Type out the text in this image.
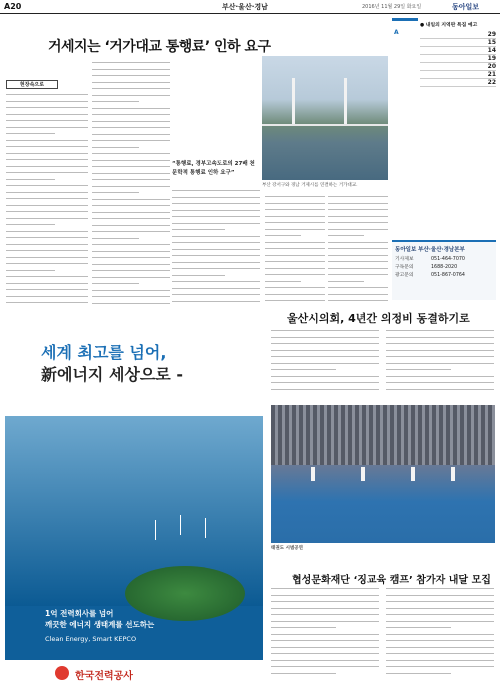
A20	부산·울산·경남	2016년 11월 29일 화요일	동아일보
거세지는 ‘거가대교 통행료’ 인하 요구
현장속으로
부산 강서구와 경남 거제시를 연결하는 거가대교.
“통행료, 경부고속도로의 27배 천문학적 통행료 인하 요구”
A
● 내일의 지역판 특집 예고
29
15
14
19
20
21
22
동아일보 부산·울산·경남본부
기사제보	051-464-7070
구독문의	1688-2020
광고문의	051-867-0764
세계 최고를 넘어,
新에너지 세상으로 -
1억 전력회사를 넘어
깨끗한 에너지 생태계를 선도하는
Clean Energy, Smart KEPCO
한국전력공사
울산시의회, 4년간 의정비 동결하기로
태권도 시범공연
협성문화재단 ‘징교육 캠프’ 참가자 내달 모집
